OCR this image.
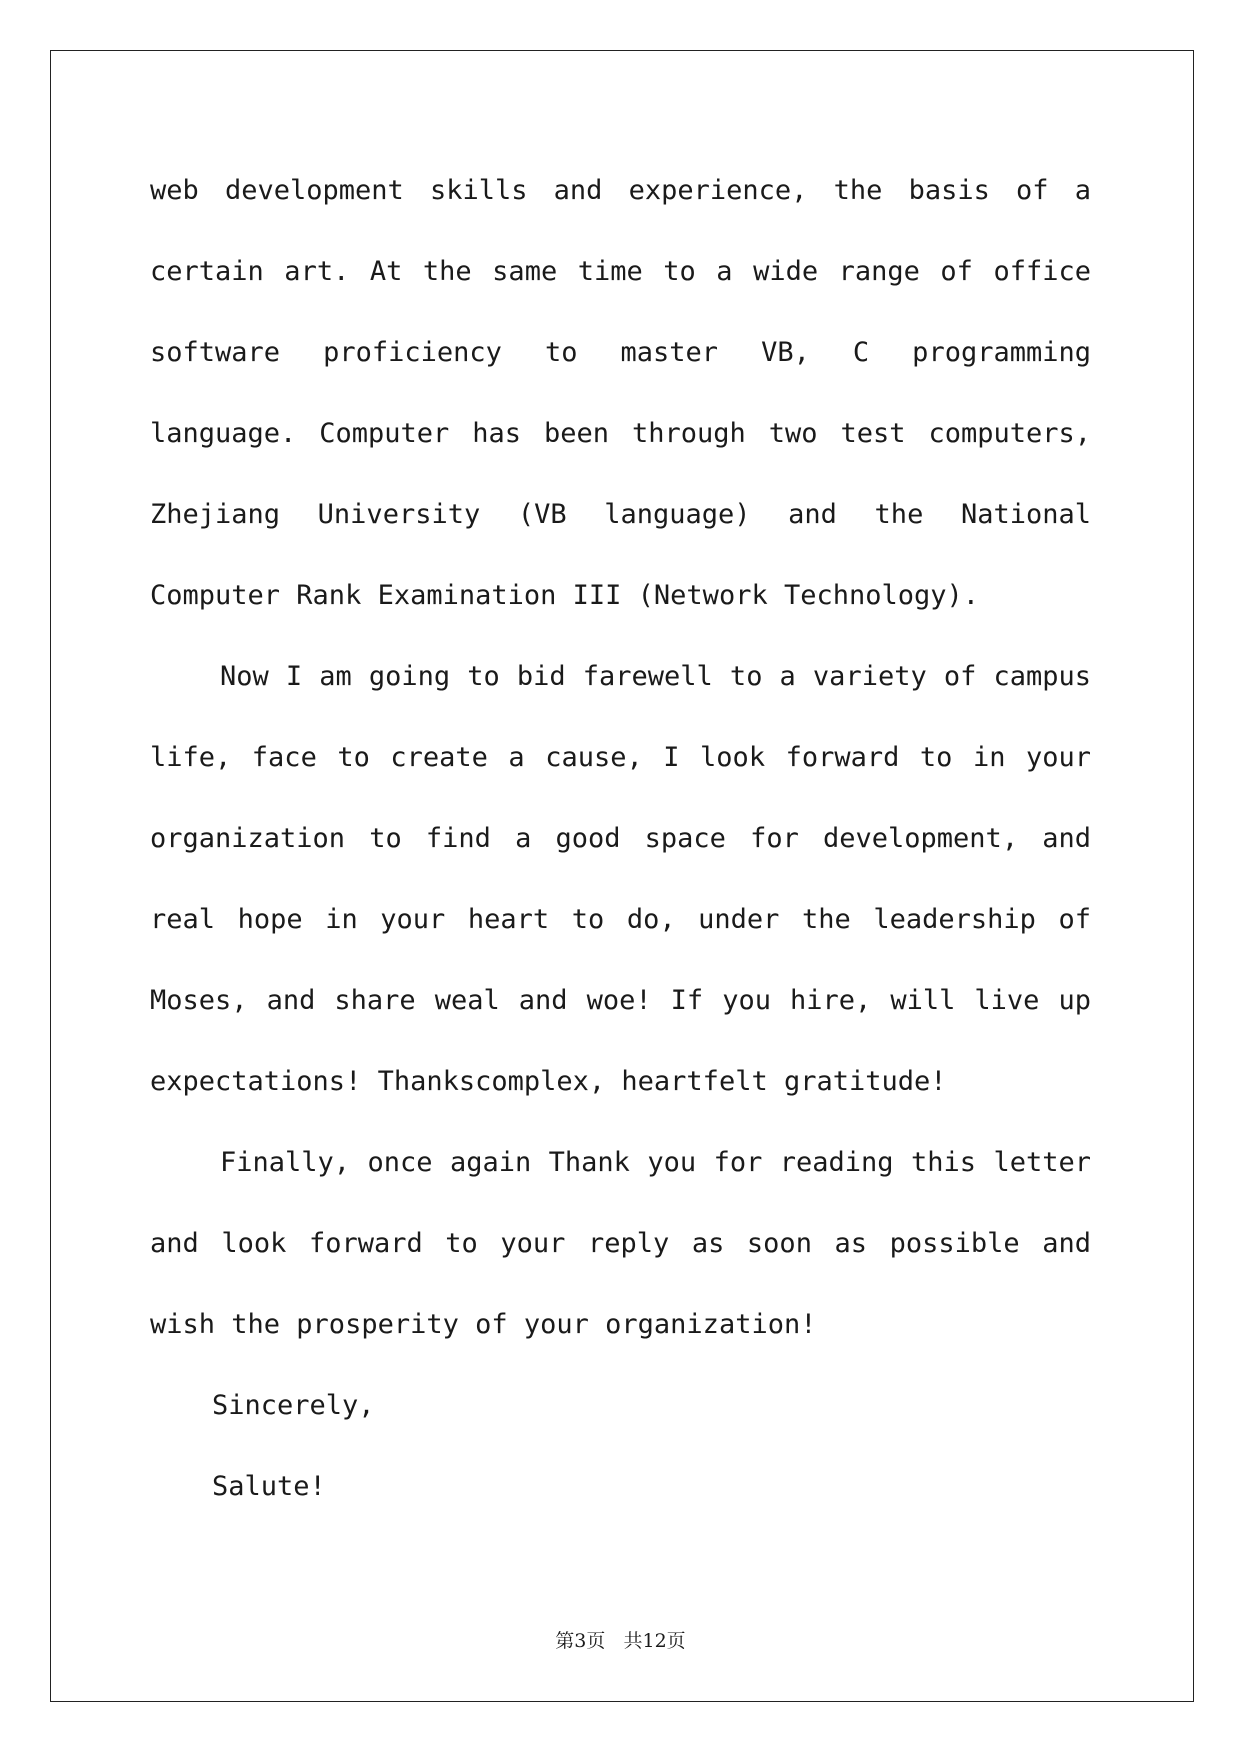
web development skills and experience, the basis of a certain art. At the same time to a wide range of office software proficiency to master VB, C programming language. Computer has been through two test computers, Zhejiang University (VB language) and the National Computer Rank Examination III (Network Technology).

Now I am going to bid farewell to a variety of campus life, face to create a cause, I look forward to in your organization to find a good space for development, and real hope in your heart to do, under the leadership of Moses, and share weal and woe! If you hire, will live up expectations! Thankscomplex, heartfelt gratitude!

Finally, once again Thank you for reading this letter and look forward to your reply as soon as possible and wish the prosperity of your organization!

Sincerely,

Salute!

第3页   共12页
